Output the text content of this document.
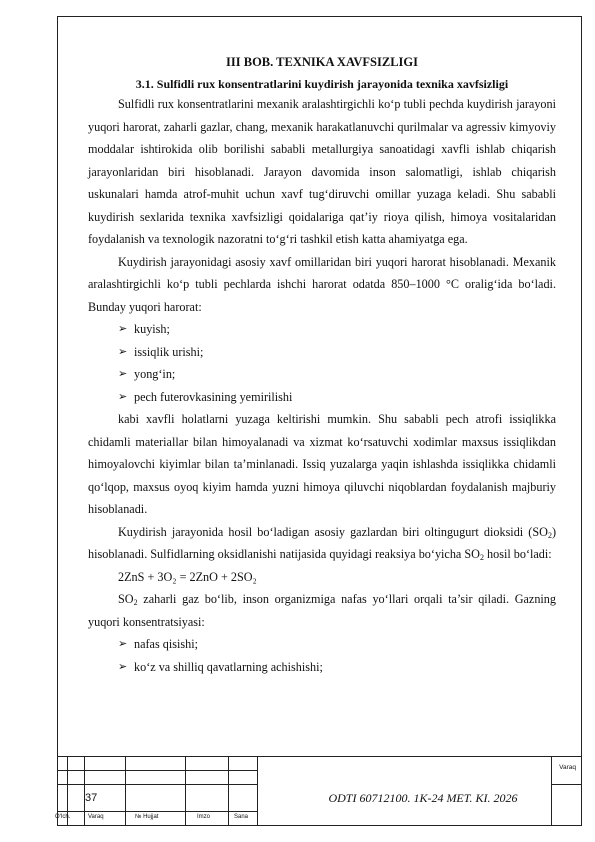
III BOB. TEXNIKA XAVFSIZLIGI

3.1. Sulfidli rux konsentratlarini kuydirish jarayonida texnika xavfsizligi

Sulfidli rux konsentratlarini mexanik aralashtirgichli ko‘p tubli pechda kuydirish jarayoni yuqori harorat, zaharli gazlar, chang, mexanik harakatlanuvchi qurilmalar va agressiv kimyoviy moddalar ishtirokida olib borilishi sababli metallurgiya sanoatidagi xavfli ishlab chiqarish jarayonlaridan biri hisoblanadi. Jarayon davomida inson salomatligi, ishlab chiqarish uskunalari hamda atrof-muhit uchun xavf tug‘diruvchi omillar yuzaga keladi. Shu sababli kuydirish sexlarida texnika xavfsizligi qoidalariga qat’iy rioya qilish, himoya vositalaridan foydalanish va texnologik nazoratni to‘g‘ri tashkil etish katta ahamiyatga ega.

Kuydirish jarayonidagi asosiy xavf omillaridan biri yuqori harorat hisoblanadi. Mexanik aralashtirgichli ko‘p tubli pechlarda ishchi harorat odatda 850–1000 °C oralig‘ida bo‘ladi. Bunday yuqori harorat:

➢ kuyish;
➢ issiqlik urishi;
➢ yong‘in;
➢ pech futerovkasining yemirilishi

kabi xavfli holatlarni yuzaga keltirishi mumkin. Shu sababli pech atrofi issiqlikka chidamli materiallar bilan himoyalanadi va xizmat ko‘rsatuvchi xodimlar maxsus issiqlikdan himoyalovchi kiyimlar bilan ta’minlanadi. Issiq yuzalarga yaqin ishlashda issiqlikka chidamli qo‘lqop, maxsus oyoq kiyim hamda yuzni himoya qiluvchi niqoblardan foydalanish majburiy hisoblanadi.

Kuydirish jarayonida hosil bo‘ladigan asosiy gazlardan biri oltingugurt dioksidi $(SO_2)$ hisoblanadi. Sulfidlarning oksidlanishi natijasida quyidagi reaksiya bo‘yicha $SO_2$ hosil bo‘ladi:

2ZnS + 3O₂ = 2ZnO + 2SO₂

$SO_2$ zaharli gaz bo‘lib, inson organizmiga nafas yo‘llari orqali ta’sir qiladi. Gazning yuqori konsentratsiyasi:

➢ nafas qisishi;
➢ ko‘z va shilliq qavatlarning achishishi;
37	ODTI 60712100. 1K-24 MET. KI. 2026
Varaq
O‘lch.	Varaq	№ Hujjat	Imzo	Sana
